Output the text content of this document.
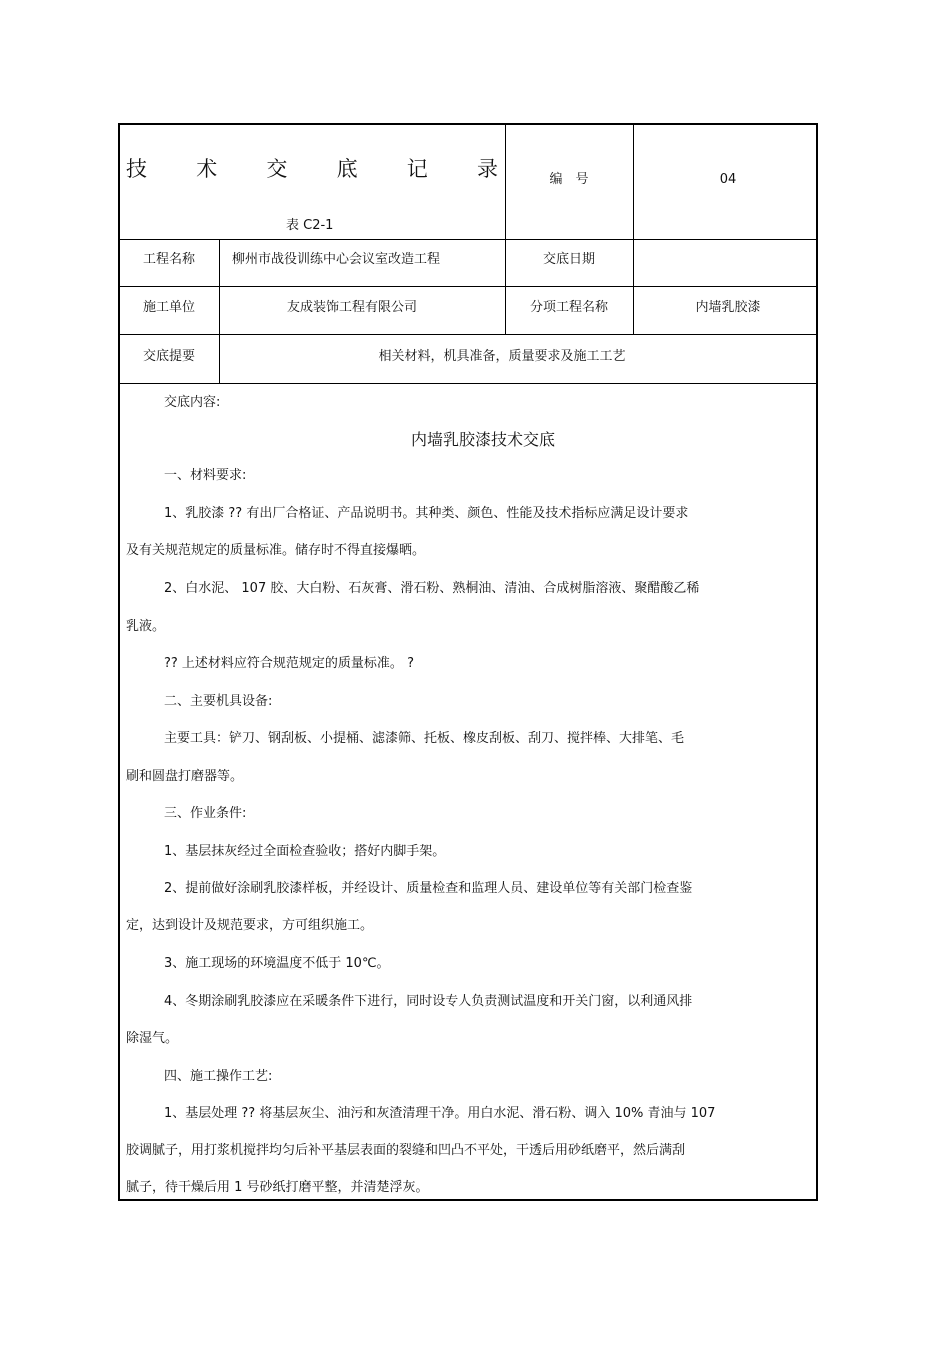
技 术 交 底 记 录
表 C2-1
编　号	04
工程名称	柳州市战役训练中心会议室改造工程	交底日期
施工单位	友成装饰工程有限公司	分项工程名称	内墙乳胶漆
交底提要	相关材料，机具准备，质量要求及施工工艺
交底内容:
内墙乳胶漆技术交底
一、材料要求:
1、乳胶漆 ?? 有出厂合格证、产品说明书。其种类、颜色、性能及技术指标应满足设计要求
及有关规范规定的质量标准。储存时不得直接爆晒。
2、白水泥、 107 胶、大白粉、石灰膏、滑石粉、熟桐油、清油、合成树脂溶液、聚醋酸乙稀
乳液。
?? 上述材料应符合规范规定的质量标准。 ?
二、主要机具设备:
主要工具：铲刀、钢刮板、小提桶、滤漆筛、托板、橡皮刮板、刮刀、搅拌棒、大排笔、毛
刷和圆盘打磨器等。
三、作业条件:
1、基层抹灰经过全面检查验收；搭好内脚手架。
2、提前做好涂刷乳胶漆样板，并经设计、质量检查和监理人员、建设单位等有关部门检查鉴
定，达到设计及规范要求，方可组织施工。
3、施工现场的环境温度不低于 10℃。
4、冬期涂刷乳胶漆应在采暖条件下进行，同时设专人负责测试温度和开关门窗，以利通风排
除湿气。
四、施工操作工艺:
1、基层处理 ?? 将基层灰尘、油污和灰渣清理干净。用白水泥、滑石粉、调入 10% 青油与 107
胶调腻子，用打浆机搅拌均匀后补平基层表面的裂缝和凹凸不平处，干透后用砂纸磨平，然后满刮
腻子，待干燥后用 1 号砂纸打磨平整，并清楚浮灰。
